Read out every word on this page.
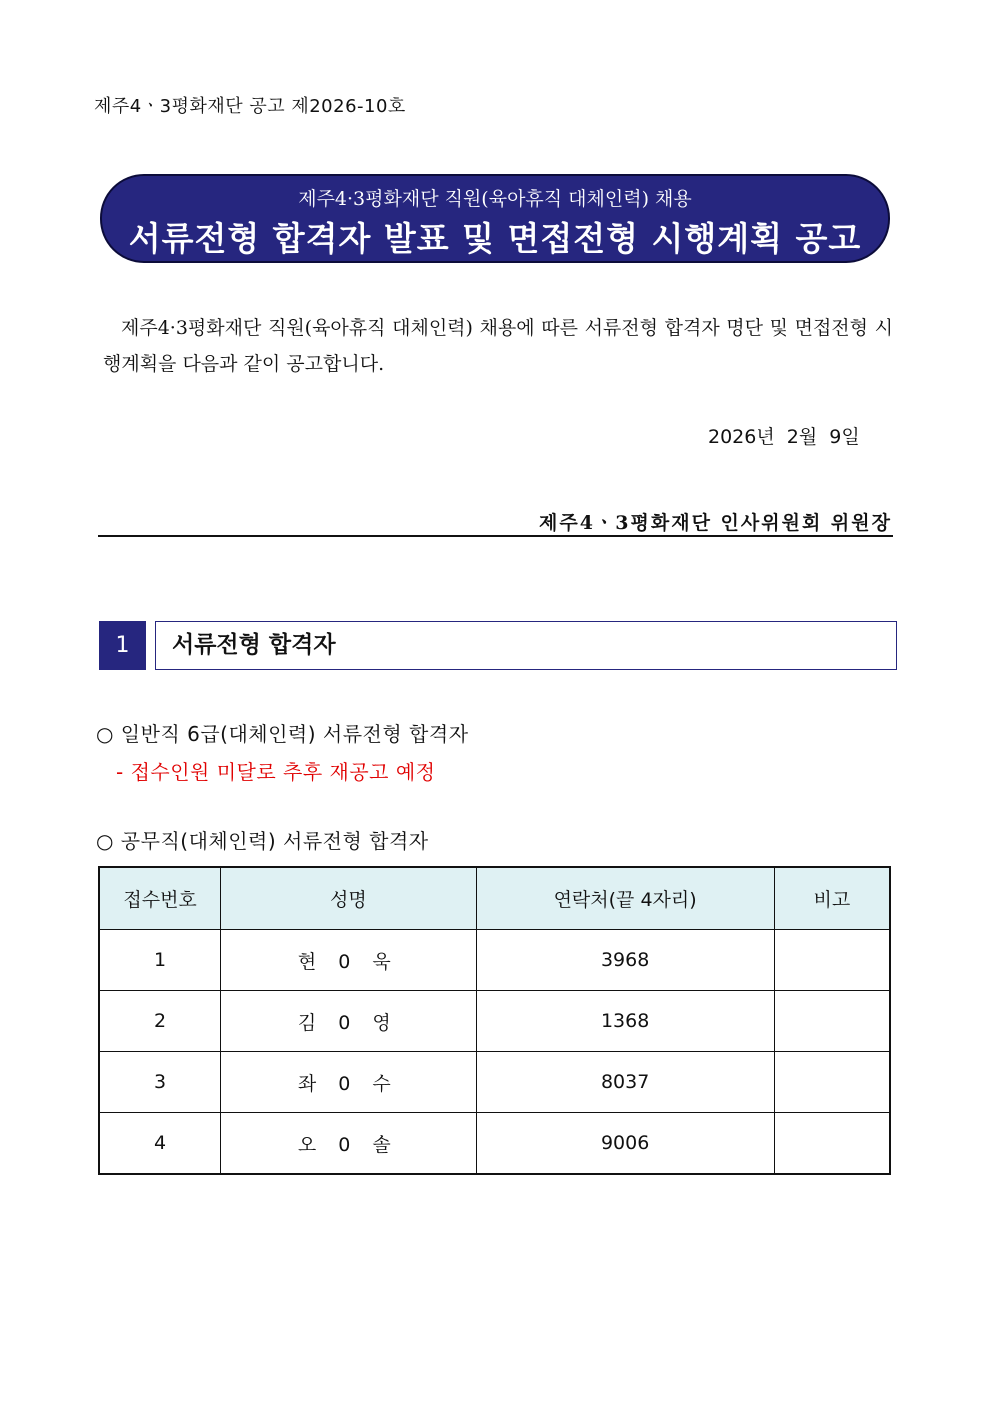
제주4ㆍ3평화재단 공고 제2026-10호
제주4·3평화재단 직원(육아휴직 대체인력) 채용
서류전형 합격자 발표 및 면접전형 시행계획 공고
제주4·3평화재단 직원(육아휴직 대체인력) 채용에 따른 서류전형 합격자 명단 및 면접전형 시행계획을 다음과 같이 공고합니다.
2026년 2월 9일
제주4ㆍ3평화재단 인사위원회 위원장
1	서류전형 합격자
○ 일반직 6급(대체인력) 서류전형 합격자
- 접수인원 미달로 추후 재공고 예정
○ 공무직(대체인력) 서류전형 합격자
접수번호	성명	연락처(끝 4자리)	비고
1	현 0 욱	3968	
2	김 0 영	1368	
3	좌 0 수	8037	
4	오 0 솔	9006	
